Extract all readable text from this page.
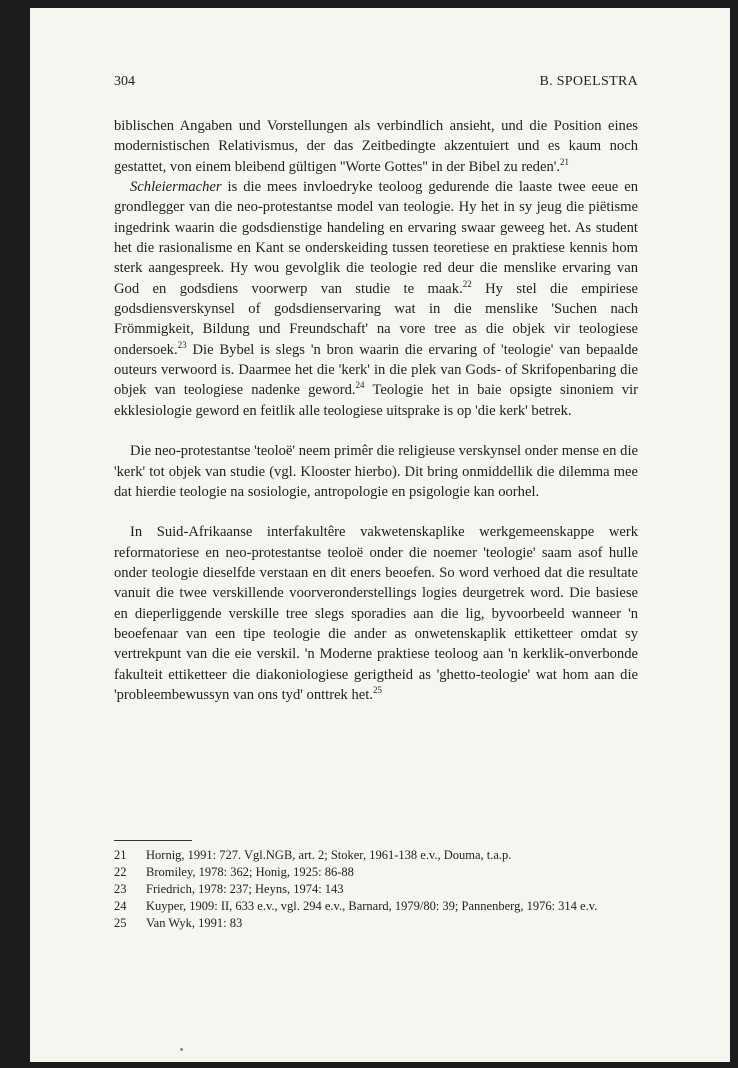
304	B. SPOELSTRA

biblischen Angaben und Vorstellungen als verbindlich ansieht, und die Position eines modernistischen Relativismus, der das Zeitbedingte akzentuiert und es kaum noch gestattet, von einem bleibend gültigen ''Worte Gottes'' in der Bibel zu reden'.$^{21}$

Schleiermacher is die mees invloedryke teoloog gedurende die laaste twee eeue en grondlegger van die neo-protestantse model van teologie. Hy het in sy jeug die piëtisme ingedrink waarin die godsdienstige handeling en ervaring swaar geweeg het. As student het die rasionalisme en Kant se onderskeiding tussen teoretiese en praktiese kennis hom sterk aangespreek. Hy wou gevolglik die teologie red deur die menslike ervaring van God en godsdiens voorwerp van studie te maak.$^{22}$ Hy stel die empiriese godsdiensverskynsel of godsdienservaring wat in die menslike 'Suchen nach Frömmigkeit, Bildung und Freundschaft' na vore tree as die objek vir teologiese ondersoek.$^{23}$ Die Bybel is slegs 'n bron waarin die ervaring of 'teologie' van bepaalde outeurs verwoord is. Daarmee het die 'kerk' in die plek van Gods- of Skrifopenbaring die objek van teologiese nadenke geword.$^{24}$ Teologie het in baie opsigte sinoniem vir ekklesiologie geword en feitlik alle teologiese uitsprake is op 'die kerk' betrek.

Die neo-protestantse 'teoloë' neem primêr die religieuse verskynsel onder mense en die 'kerk' tot objek van studie (vgl. Klooster hierbo). Dit bring onmiddellik die dilemma mee dat hierdie teologie na sosiologie, antropologie en psigologie kan oorhel.

In Suid-Afrikaanse interfakultêre vakwetenskaplike werkgemeenskappe werk reformatoriese en neo-protestantse teoloë onder die noemer 'teologie' saam asof hulle onder teologie dieselfde verstaan en dit eners beoefen. So word verhoed dat die resultate vanuit die twee verskillende voorveronderstellings logies deurgetrek word. Die basiese en dieperliggende verskille tree slegs sporadies aan die lig, byvoorbeeld wanneer 'n beoefenaar van een tipe teologie die ander as onwetenskaplik ettiketteer omdat sy vertrekpunt van die eie verskil. 'n Moderne praktiese teoloog aan 'n kerklik-onverbonde fakulteit ettiketteer die diakoniologiese gerigtheid as 'ghetto-teologie' wat hom aan die 'probleembewussyn van ons tyd' onttrek het.$^{25}$

21 Hornig, 1991: 727. Vgl.NGB, art. 2; Stoker, 1961-138 e.v., Douma, t.a.p.
22 Bromiley, 1978: 362; Honig, 1925: 86-88
23 Friedrich, 1978: 237; Heyns, 1974: 143
24 Kuyper, 1909: II, 633 e.v., vgl. 294 e.v., Barnard, 1979/80: 39; Pannenberg, 1976: 314 e.v.
25 Van Wyk, 1991: 83
